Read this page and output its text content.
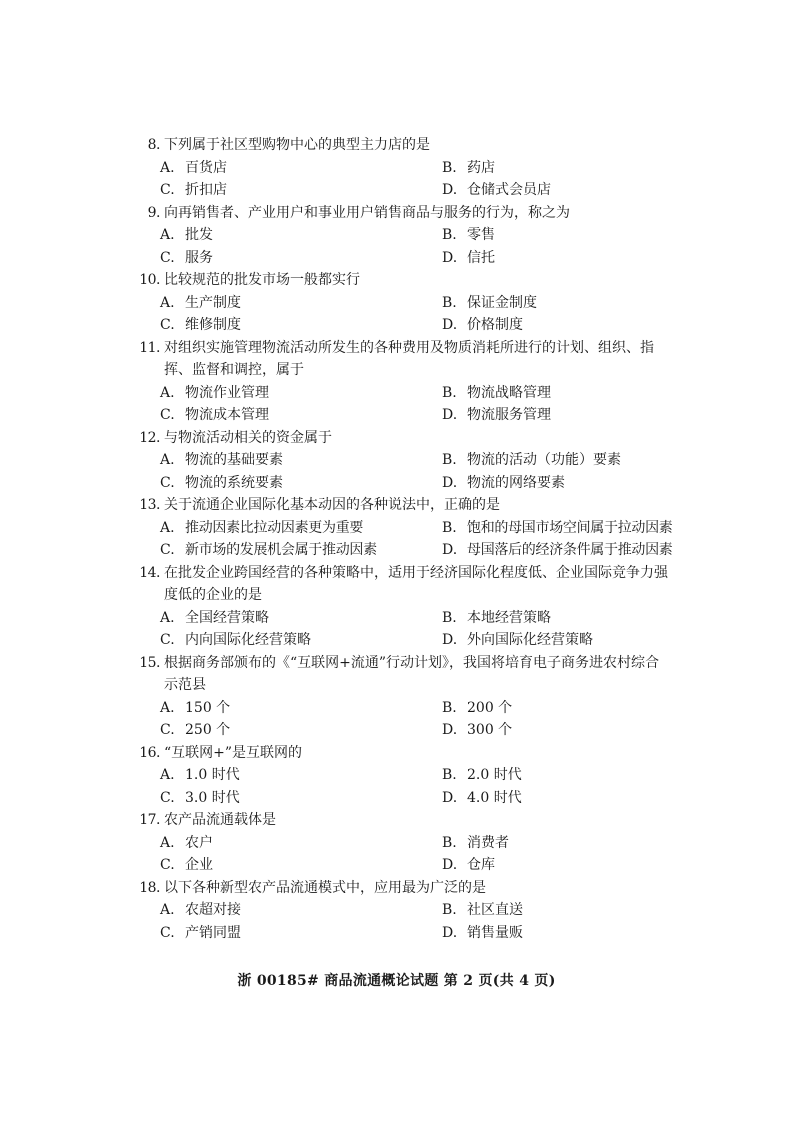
8. 下列属于社区型购物中心的典型主力店的是
A. 百货店	B. 药店
C. 折扣店	D. 仓储式会员店
9. 向再销售者、产业用户和事业用户销售商品与服务的行为，称之为
A. 批发	B. 零售
C. 服务	D. 信托
10. 比较规范的批发市场一般都实行
A. 生产制度	B. 保证金制度
C. 维修制度	D. 价格制度
11. 对组织实施管理物流活动所发生的各种费用及物质消耗所进行的计划、组织、指挥、监督和调控，属于
A. 物流作业管理	B. 物流战略管理
C. 物流成本管理	D. 物流服务管理
12. 与物流活动相关的资金属于
A. 物流的基础要素	B. 物流的活动（功能）要素
C. 物流的系统要素	D. 物流的网络要素
13. 关于流通企业国际化基本动因的各种说法中，正确的是
A. 推动因素比拉动因素更为重要	B. 饱和的母国市场空间属于拉动因素
C. 新市场的发展机会属于推动因素	D. 母国落后的经济条件属于推动因素
14. 在批发企业跨国经营的各种策略中，适用于经济国际化程度低、企业国际竞争力强度低的企业的是
A. 全国经营策略	B. 本地经营策略
C. 内向国际化经营策略	D. 外向国际化经营策略
15. 根据商务部颁布的《“互联网+流通”行动计划》，我国将培育电子商务进农村综合示范县
A. 150 个	B. 200 个
C. 250 个	D. 300 个
16. “互联网+”是互联网的
A. 1.0 时代	B. 2.0 时代
C. 3.0 时代	D. 4.0 时代
17. 农产品流通载体是
A. 农户	B. 消费者
C. 企业	D. 仓库
18. 以下各种新型农产品流通模式中，应用最为广泛的是
A. 农超对接	B. 社区直送
C. 产销同盟	D. 销售量贩
浙 00185# 商品流通概论试题 第 2 页(共 4 页)
